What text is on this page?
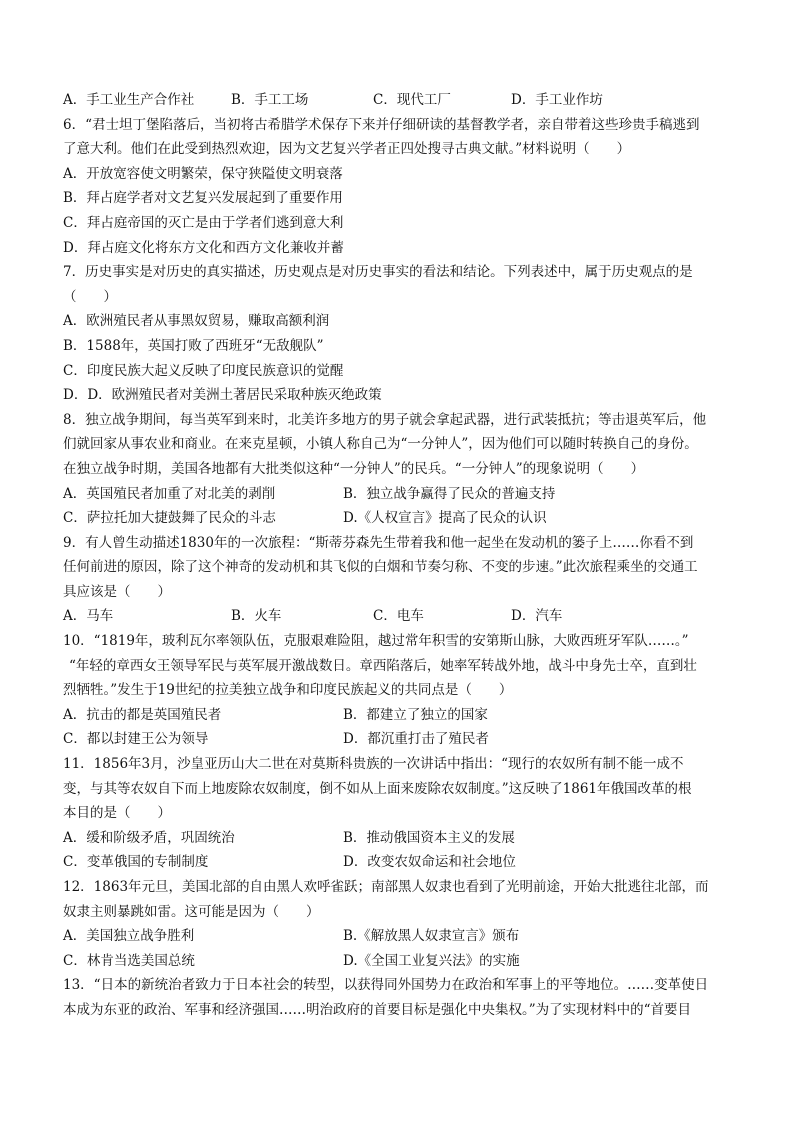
A．手工业生产合作社	B．手工工场	C．现代工厂	D．手工业作坊
6．“君士坦丁堡陷落后，当初将古希腊学术保存下来并仔细研读的基督教学者，亲自带着这些珍贵手稿逃到
了意大利。他们在此受到热烈欢迎，因为文艺复兴学者正四处搜寻古典文献。”材料说明（　　）
A．开放宽容使文明繁荣，保守狭隘使文明衰落
B．拜占庭学者对文艺复兴发展起到了重要作用
C．拜占庭帝国的灭亡是由于学者们逃到意大利
D．拜占庭文化将东方文化和西方文化兼收并蓄
7．历史事实是对历史的真实描述，历史观点是对历史事实的看法和结论。下列表述中，属于历史观点的是
（　　）
A．欧洲殖民者从事黑奴贸易，赚取高额利润
B．1588年，英国打败了西班牙“无敌舰队”
C．印度民族大起义反映了印度民族意识的觉醒
D．D．欧洲殖民者对美洲土著居民采取种族灭绝政策
8．独立战争期间，每当英军到来时，北美许多地方的男子就会拿起武器，进行武装抵抗；等击退英军后，他
们就回家从事农业和商业。在来克星顿，小镇人称自己为“一分钟人”，因为他们可以随时转换自己的身份。
在独立战争时期，美国各地都有大批类似这种“一分钟人”的民兵。“一分钟人”的现象说明（　　）
A．英国殖民者加重了对北美的剥削	B．独立战争赢得了民众的普遍支持
C．萨拉托加大捷鼓舞了民众的斗志	D.《人权宣言》提高了民众的认识
9．有人曾生动描述1830年的一次旅程：“斯蒂芬森先生带着我和他一起坐在发动机的篓子上……你看不到
任何前进的原因，除了这个神奇的发动机和其飞似的白烟和节奏匀称、不变的步速。”此次旅程乘坐的交通工
具应该是（　　）
A．马车	B．火车	C．电车	D．汽车
10．“1819年，玻利瓦尔率领队伍，克服艰难险阻，越过常年积雪的安第斯山脉，大败西班牙军队……。”
“年轻的章西女王领导军民与英军展开激战数日。章西陷落后，她率军转战外地，战斗中身先士卒，直到壮
烈牺牲。”发生于19世纪的拉美独立战争和印度民族起义的共同点是（　　）
A．抗击的都是英国殖民者	B．都建立了独立的国家
C．都以封建王公为领导	D．都沉重打击了殖民者
11．1856年3月，沙皇亚历山大二世在对莫斯科贵族的一次讲话中指出：“现行的农奴所有制不能一成不
变，与其等农奴自下而上地废除农奴制度，倒不如从上面来废除农奴制度。”这反映了1861年俄国改革的根
本目的是（　　）
A．缓和阶级矛盾，巩固统治	B．推动俄国资本主义的发展
C．变革俄国的专制制度	D．改变农奴命运和社会地位
12．1863年元旦，美国北部的自由黑人欢呼雀跃；南部黑人奴隶也看到了光明前途，开始大批逃往北部，而
奴隶主则暴跳如雷。这可能是因为（　　）
A．美国独立战争胜利	B.《解放黑人奴隶宣言》颁布
C．林肯当选美国总统	D.《全国工业复兴法》的实施
13．“日本的新统治者致力于日本社会的转型，以获得同外国势力在政治和军事上的平等地位。……变革使日
本成为东亚的政治、军事和经济强国……明治政府的首要目标是强化中央集权。”为了实现材料中的“首要目
